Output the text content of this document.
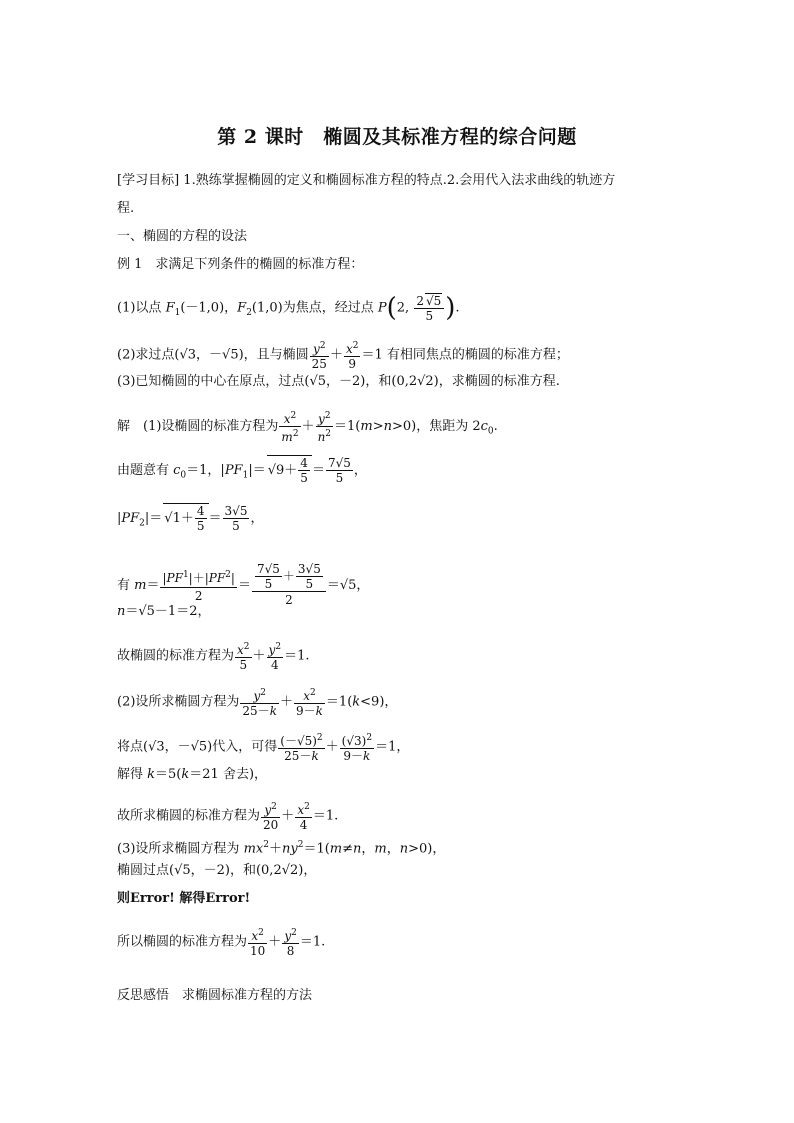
第 2 课时　椭圆及其标准方程的综合问题
[学习目标] 1.熟练掌握椭圆的定义和椭圆标准方程的特点.2.会用代入法求曲线的轨迹方
程.
一、椭圆的方程的设法
例 1　求满足下列条件的椭圆的标准方程：
(1)以点 $F_1(-1,0)$，$F_2(1,0)$为焦点，经过点 P(2, $\frac{2√ 5}{5}$ ).
(2)求过点(√3，－√5)，且与椭圆 $\frac{y^2}{25} + \frac{x^2}{9} =1$ 有相同焦点的椭圆的标准方程；
(3)已知椭圆的中心在原点，过点(√5，－2)，和(0,2√2)，求椭圆的标准方程.
解　(1)设椭圆的标准方程为 $\frac{x^2}{m^2} + \frac{y^2}{n^2} =1(m>n>0)$，焦距为 $2c_0$.
由题意有 $c_0=1$，$|PF_1|=√$ $9+ \frac{4}{5} = \frac{7√5}{5}$ ，
$|PF_2|=√$ $1+ \frac{4}{5} = \frac{3√5}{5}$ ，
有 $m= \frac{|PF^1|+|PF^2|}{2} = \frac{\frac{7√5}{5} + \frac{3√5}{5}}{2} =√5$，
n＝√5－1＝2，
故椭圆的标准方程为 $\frac{x^2}{5} + \frac{y^2}{4} =1$.
(2)设所求椭圆方程为 $\frac{y^2}{25-k} + \frac{x^2}{9-k} =1(k<9)$，
将点(√3，－√5)代入，可得 $\frac{(-√5)^2}{25-k} + \frac{(√3)^2}{9-k} =1$，
解得 k＝5(k＝21 舍去)，
故所求椭圆的标准方程为 $\frac{y^2}{20} + \frac{x^2}{4} =1$.
(3)设所求椭圆方程为 $mx^2+ny^2=1(m\ne n$，m，n>0)，
椭圆过点(√5，－2)，和(0,2√2)，
则Error! 解得Error!
所以椭圆的标准方程为 $\frac{x^2}{10} + \frac{y^2}{8} =1$.
反思感悟　求椭圆标准方程的方法
